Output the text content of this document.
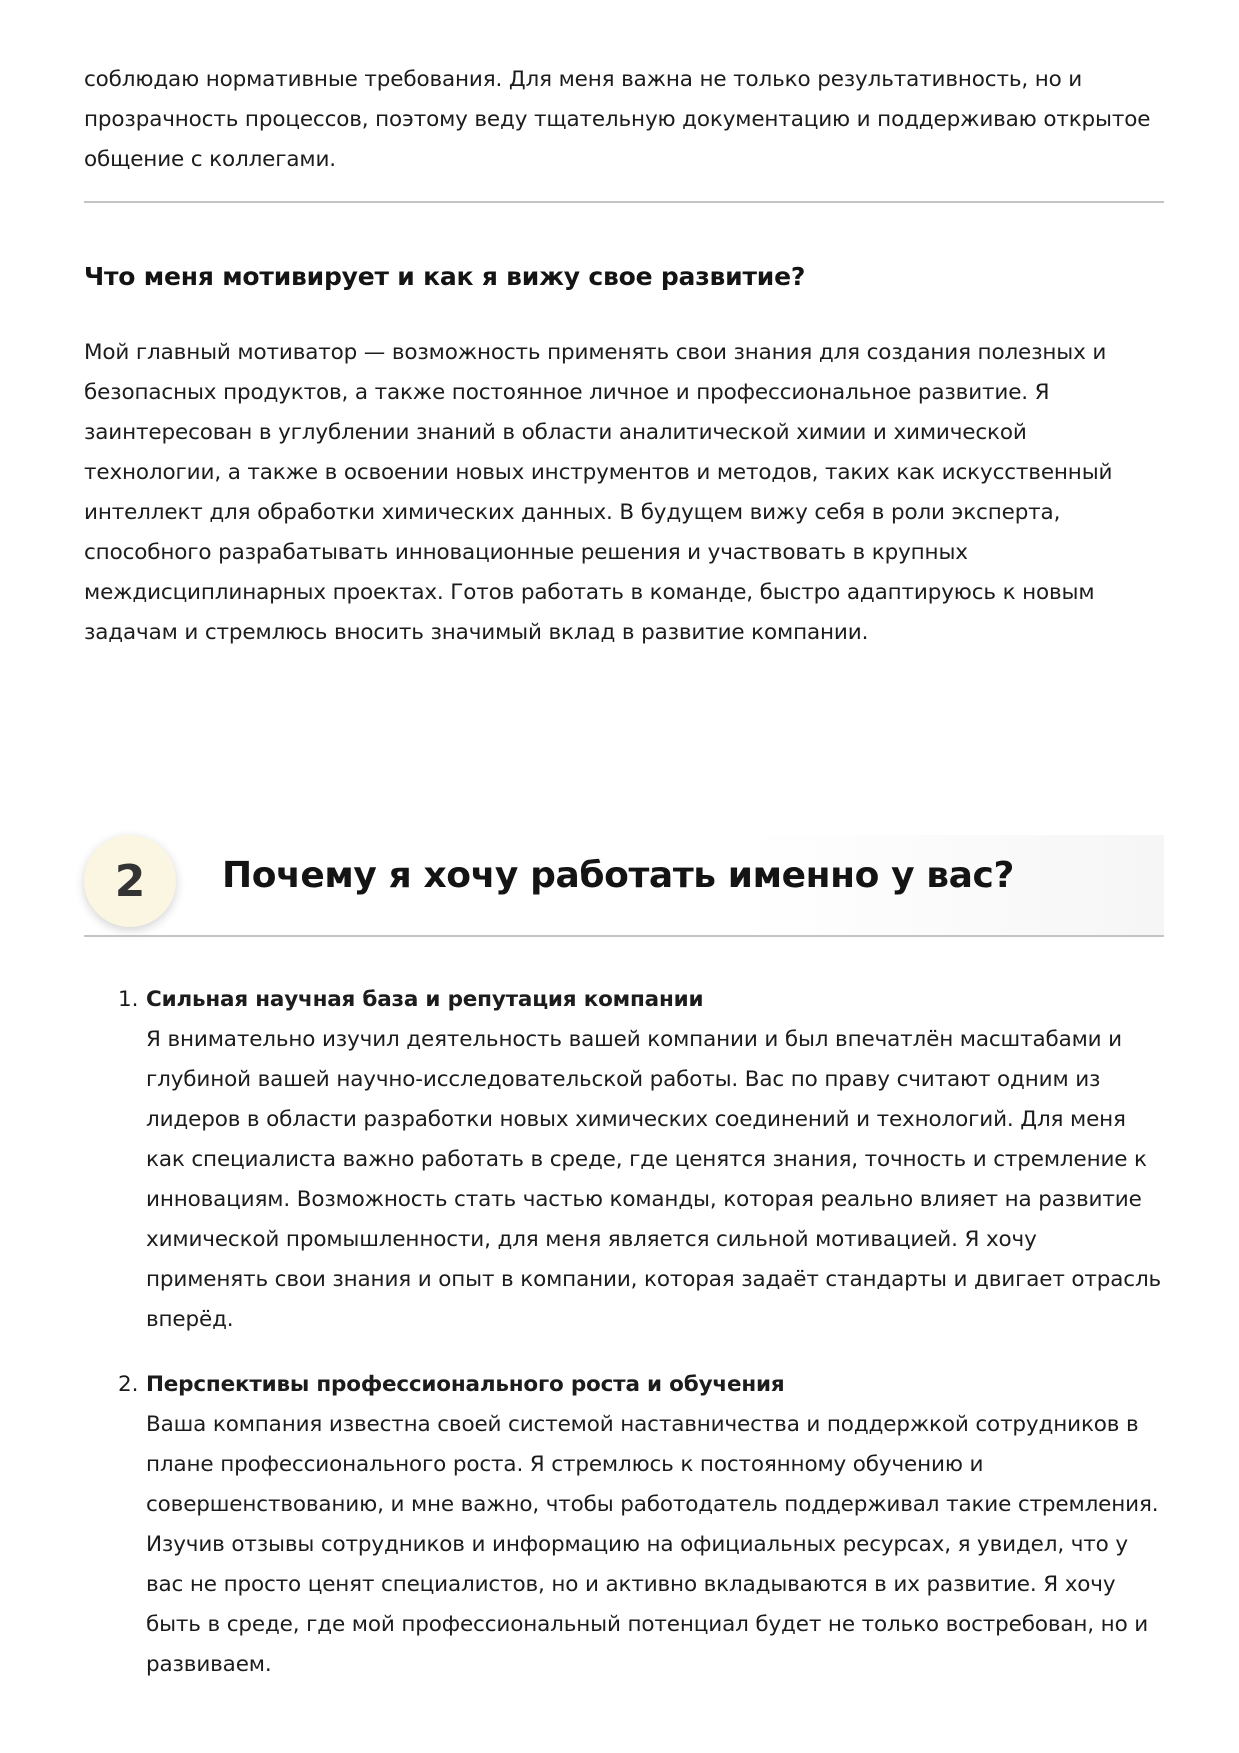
соблюдаю нормативные требования. Для меня важна не только результативность, но и прозрачность процессов, поэтому веду тщательную документацию и поддерживаю открытое общение с коллегами.

Что меня мотивирует и как я вижу свое развитие?

Мой главный мотиватор — возможность применять свои знания для создания полезных и безопасных продуктов, а также постоянное личное и профессиональное развитие. Я заинтересован в углублении знаний в области аналитической химии и химической технологии, а также в освоении новых инструментов и методов, таких как искусственный интеллект для обработки химических данных. В будущем вижу себя в роли эксперта, способного разрабатывать инновационные решения и участвовать в крупных междисциплинарных проектах. Готов работать в команде, быстро адаптируюсь к новым задачам и стремлюсь вносить значимый вклад в развитие компании.

2	Почему я хочу работать именно у вас?
1. Сильная научная база и репутация компании

Я внимательно изучил деятельность вашей компании и был впечатлён масштабами и глубиной вашей научно-исследовательской работы. Вас по праву считают одним из лидеров в области разработки новых химических соединений и технологий. Для меня как специалиста важно работать в среде, где ценятся знания, точность и стремление к инновациям. Возможность стать частью команды, которая реально влияет на развитие химической промышленности, для меня является сильной мотивацией. Я хочу применять свои знания и опыт в компании, которая задаёт стандарты и двигает отрасль вперёд.

2. Перспективы профессионального роста и обучения

Ваша компания известна своей системой наставничества и поддержкой сотрудников в плане профессионального роста. Я стремлюсь к постоянному обучению и совершенствованию, и мне важно, чтобы работодатель поддерживал такие стремления. Изучив отзывы сотрудников и информацию на официальных ресурсах, я увидел, что у вас не просто ценят специалистов, но и активно вкладываются в их развитие. Я хочу быть в среде, где мой профессиональный потенциал будет не только востребован, но и развиваем.
